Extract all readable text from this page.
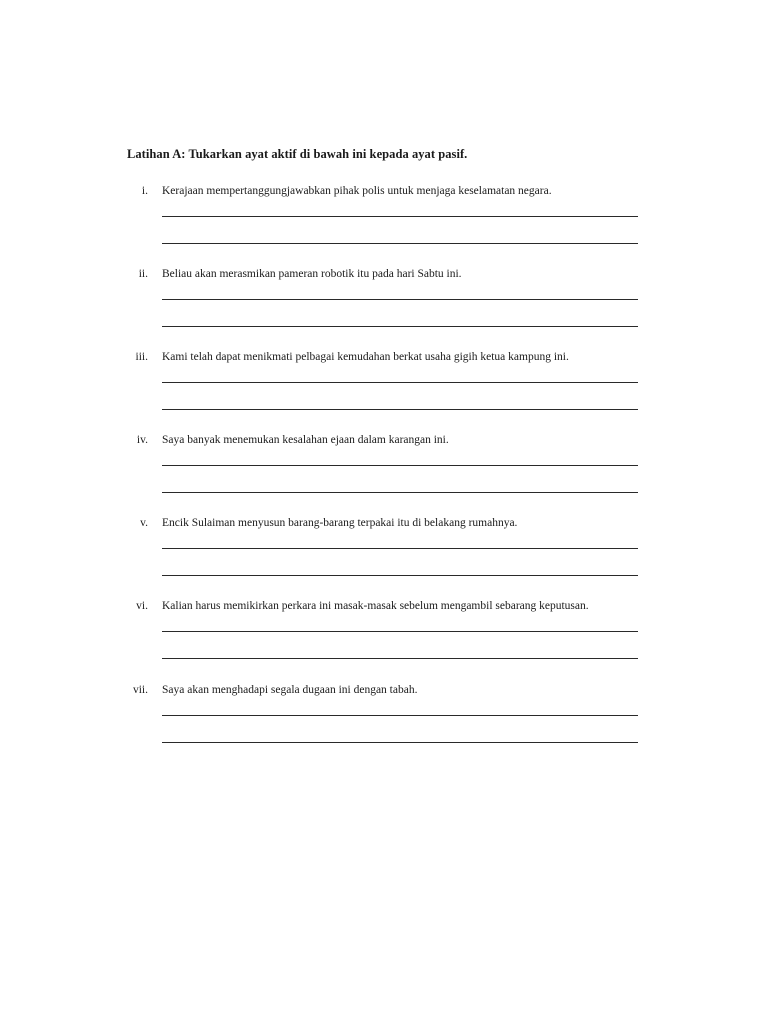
Latihan A: Tukarkan ayat aktif di bawah ini kepada ayat pasif.
i. Kerajaan mempertanggungjawabkan pihak polis untuk menjaga keselamatan negara.
ii. Beliau akan merasmikan pameran robotik itu pada hari Sabtu ini.
iii. Kami telah dapat menikmati pelbagai kemudahan berkat usaha gigih ketua kampung ini.
iv. Saya banyak menemukan kesalahan ejaan dalam karangan ini.
v. Encik Sulaiman menyusun barang-barang terpakai itu di belakang rumahnya.
vi. Kalian harus memikirkan perkara ini masak-masak sebelum mengambil sebarang keputusan.
vii. Saya akan menghadapi segala dugaan ini dengan tabah.
